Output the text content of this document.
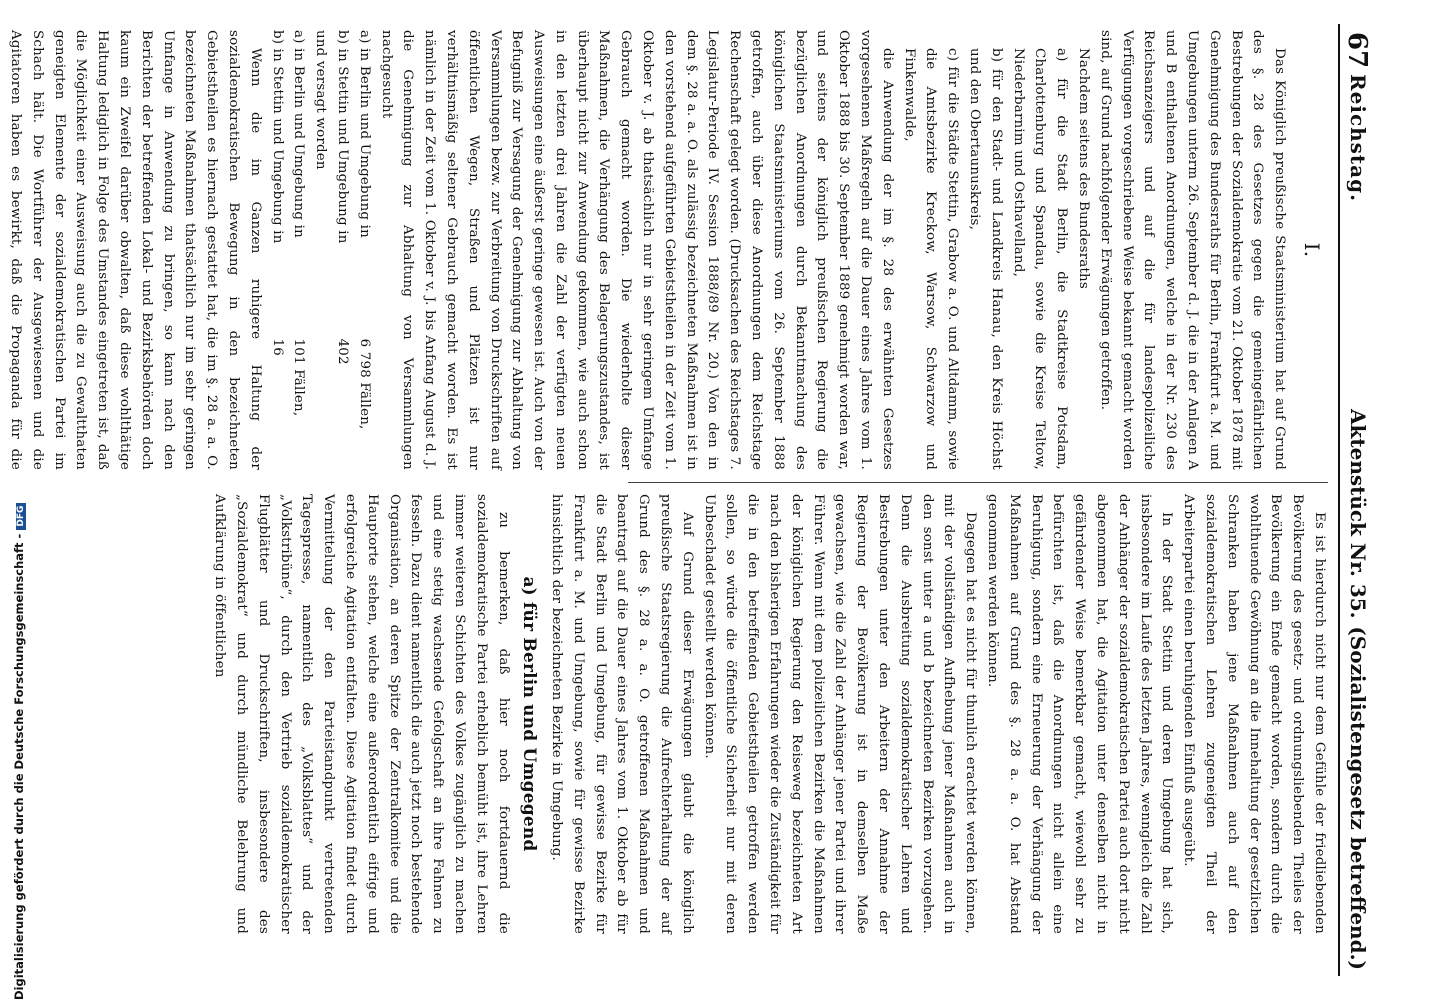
67
Reichstag.
Aktenstück Nr. 35.
(Sozialistengesetz betreffend.)
I.

Das Königlich preußische Staatsministerium hat auf Grund des §. 28 des Gesetzes gegen die gemeingefährlichen Bestrebungen der Sozialdemokratie vom 21. Oktober 1878 mit Genehmigung des Bundesraths für Berlin, Frankfurt a. M. und Umgebungen unterm 26. September d. J. die in der Anlagen A und B enthaltenen Anordnungen, welche in der Nr. 230 des Reichsanzeigers und auf die für landespolizeiliche Verfügungen vorgeschriebene Weise bekannt gemacht worden sind, auf Grund nachfolgender Erwägungen getroffen.

Nachdem seitens des Bundesraths

a) für die Stadt Berlin, die Stadtkreise Potsdam, Charlottenburg und Spandau, sowie die Kreise Teltow, Niederbarnim und Osthavelland,

b) für den Stadt- und Landkreis Hanau, den Kreis Höchst und den Obertaunuskreis,

c) für die Städte Stettin, Grabow a. O. und Altdamm, sowie die Amtsbezirke Kreckow, Warsow, Schwarzow und Finkenwalde,

die Anwendung der im §. 28 des erwähnten Gesetzes vorgesehenen Maßregeln auf die Dauer eines Jahres vom 1. Oktober 1888 bis 30. September 1889 genehmigt worden war, und seitens der königlich preußischen Regierung die bezüglichen Anordnungen durch Bekanntmachung des königlichen Staatsministeriums vom 26. September 1888 getroffen, auch über diese Anordnungen dem Reichstage Rechenschaft gelegt worden. (Drucksachen des Reichstages 7. Legislatur-Periode IV. Session 1888/89 Nr. 20.) Von den in dem §. 28 a. a. O. als zulässig bezeichneten Maßnahmen ist in den vorstehend aufgeführten Gebietstheilen in der Zeit vom 1. Oktober v. J. ab thatsächlich nur in sehr geringem Umfange Gebrauch gemacht worden. Die wiederholte dieser Maßnahmen, die Verhängung des Belagerungszustandes, ist überhaupt nicht zur Anwendung gekommen, wie auch schon in den letzten drei Jahren die Zahl der verfügten neuen Ausweisungen eine äußerst geringe gewesen ist. Auch von der Befugniß zur Versagung der Genehmigung zur Abhaltung von Versammlungen bezw. zur Verbreitung von Druckschriften auf öffentlichen Wegen, Straßen und Plätzen ist nur verhältnismäßig seltener Gebrauch gemacht worden. Es ist nämlich in der Zeit vom 1. Oktober v. J. bis Anfang August d. J. die Genehmigung zur Abhaltung von Versammlungen nachgesucht

a) in Berlin und Umgebung in	6 798 Fällen,
b) in Stettin und Umgebung in	402
und versagt worden	
a) in Berlin und Umgebung in	101 Fällen,
b) in Stettin und Umgebung in	16

Wenn die im Ganzen ruhigere Haltung der sozialdemokratischen Bewegung in den bezeichneten Gebietstheilen es hiernach gestattet hat, die im §. 28 a. a. O. bezeichneten Maßnahmen thatsächlich nur im sehr geringen Umfange in Anwendung zu bringen, so kann nach den Berichten der betreffenden Lokal- und Bezirksbehörden doch kaum ein Zweifel darüber obwalten, daß diese wohlthätige Haltung lediglich in Folge des Umstandes eingetreten ist, daß die Möglichkeit einer Ausweisung auch die zu Gewaltthaten geneigten Elemente der sozialdemokratischen Partei im Schach hält. Die Wortführer der Ausgewiesenen und die Agitatoren haben es bewirkt, daß die Propaganda für die

Es ist hierdurch nicht nur dem Gefühle der friedliebenden Bevölkerung des gesetz- und ordnungsliebenden Theiles der Bevölkerung ein Ende gemacht worden, sondern durch die wohlthuende Gewöhnung an die Innehaltung der gesetzlichen Schranken haben jene Maßnahmen auch auf den sozialdemokratischen Lehren zugeneigten Theil der Arbeiterpartei einen beruhigenden Einfluß ausgeübt.

In der Stadt Stettin und deren Umgebung hat sich, insbesondere im Laufe des letzten Jahres, wenngleich die Zahl der Anhänger der sozialdemokratischen Partei auch dort nicht abgenommen hat, die Agitation unter denselben nicht in gefährdender Weise bemerkbar gemacht, wiewohl sehr zu befürchten ist, daß die Anordnungen nicht allein eine Beruhigung, sondern eine Erneuerung der Verhängung der Maßnahmen auf Grund des §. 28 a. a. O. hat Abstand genommen werden können.

Dagegen hat es nicht für thunlich erachtet werden können, mit der vollständigen Aufhebung jener Maßnahmen auch in den sonst unter a und b bezeichneten Bezirken vorzugehen. Denn die Ausbreitung sozialdemokratischer Lehren und Bestrebungen unter den Arbeitern der Annahme der Regierung der Bevölkerung ist in demselben Maße gewachsen, wie die Zahl der Anhänger jener Partei und ihrer Führer. Wenn mit dem polizeilichen Bezirken die Maßnahmen der königlichen Regierung den Reiseweg bezeichneten Art nach den bisherigen Erfahrungen wieder die Zuständigkeit für die in den betreffenden Gebietstheilen getroffen werden sollen, so würde die öffentliche Sicherheit nur mit deren Unbeschadet gestellt werden können.

Auf Grund dieser Erwägungen glaubt die königlich preußische Staatsregierung die Aufrechterhaltung der auf Grund des §. 28 a. a. O. getroffenen Maßnahmen und beantragt auf die Dauer eines Jahres vom 1. Oktober ab für die Stadt Berlin und Umgebung, für gewisse Bezirke für Frankfurt a. M. und Umgebung, sowie für gewisse Bezirke hinsichtlich der bezeichneten Bezirke in Umgebung.

a) für Berlin und Umgegend

zu bemerken, daß hier noch fortdauernd die sozialdemokratische Partei erheblich bemüht ist, ihre Lehren immer weiteren Schichten des Volkes zugänglich zu machen und eine stetig wachsende Gefolgschaft an ihre Fahnen zu fesseln. Dazu dient namentlich die auch jetzt noch bestehende Organisation, an deren Spitze der Zentralkomitee und die Hauptorte stehen, welche eine außerordentlich eifrige und erfolgreiche Agitation entfalten. Diese Agitation findet durch Vermittelung der den Parteistandpunkt vertretenden Tagespresse, namentlich des „Volksblattes“ und der „Volkstribüne“, durch den Vertrieb sozialdemokratischer Flugblätter und Druckschriften, insbesondere des „Sozialdemokrat“ und durch mündliche Belehrung und Aufklärung in öffentlichen

Digitalisierung gefördert durch die Deutsche Forschungsgemeinschaft -DFG
